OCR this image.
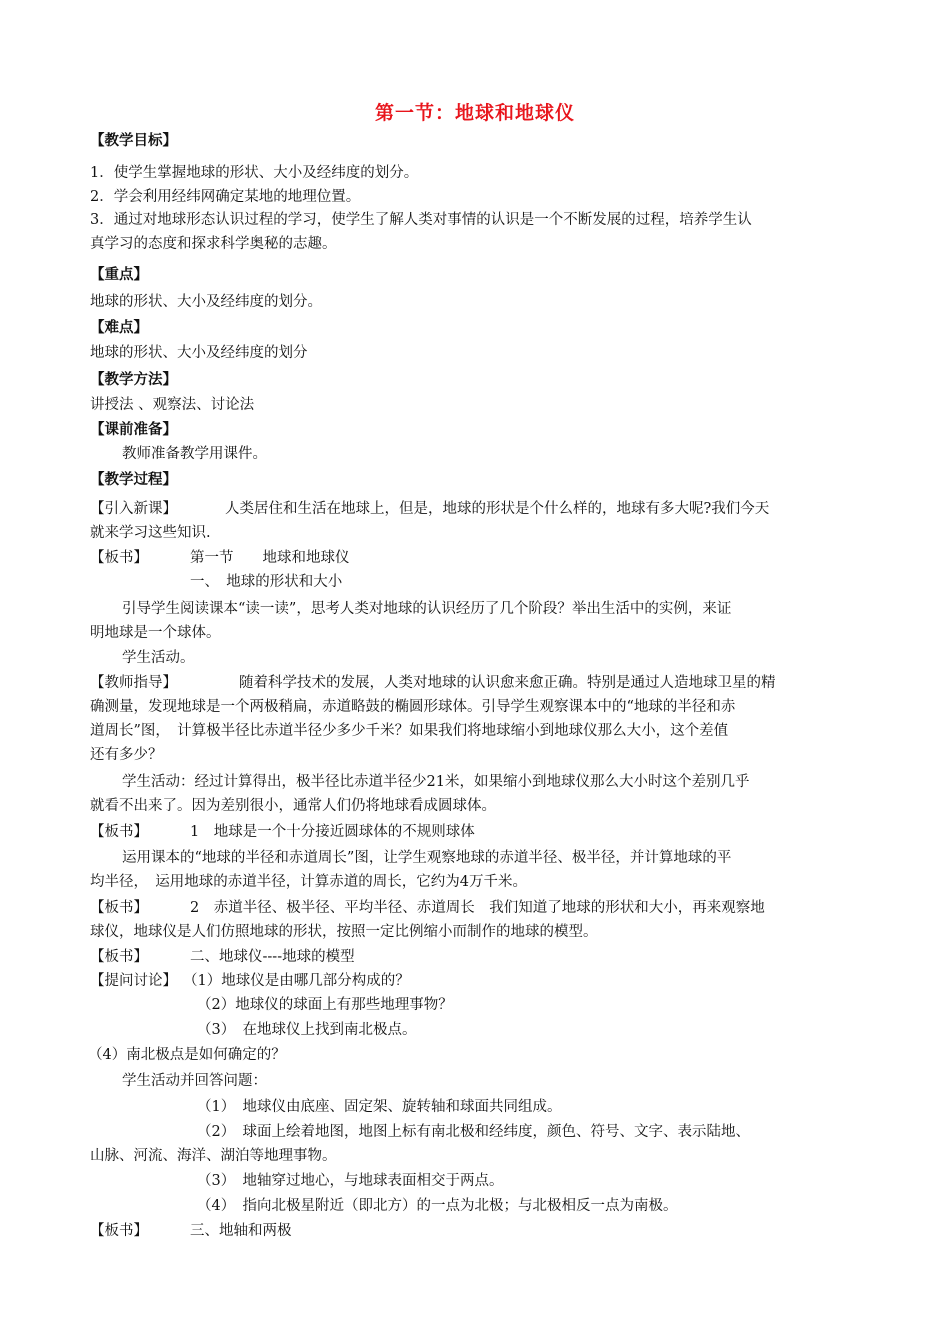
第一节：地球和地球仪
【教学目标】
1．使学生掌握地球的形状、大小及经纬度的划分。
2．学会利用经纬网确定某地的地理位置。
3．通过对地球形态认识过程的学习，使学生了解人类对事情的认识是一个不断发展的过程，培养学生认
真学习的态度和探求科学奥秘的志趣。
【重点】
地球的形状、大小及经纬度的划分。
【难点】
地球的形状、大小及经纬度的划分
【教学方法】
讲授法 、观察法、讨论法
【课前准备】
教师准备教学用课件。
【教学过程】
【引入新课】	人类居住和生活在地球上，但是，地球的形状是个什么样的，地球有多大呢?我们今天
就来学习这些知识.
【板书】	第一节　　地球和地球仪
一、　地球的形状和大小
引导学生阅读课本“读一读”，思考人类对地球的认识经历了几个阶段？举出生活中的实例，来证
明地球是一个球体。
学生活动。
【教师指导】	随着科学技术的发展，人类对地球的认识愈来愈正确。特别是通过人造地球卫星的精
确测量，发现地球是一个两极稍扁，赤道略鼓的椭圆形球体。引导学生观察课本中的“地球的半径和赤
道周长”图，　计算极半径比赤道半径少多少千米？如果我们将地球缩小到地球仪那么大小，这个差值
还有多少？
学生活动：经过计算得出，极半径比赤道半径少21米，如果缩小到地球仪那么大小时这个差别几乎
就看不出来了。因为差别很小，通常人们仍将地球看成圆球体。
【板书】	1　地球是一个十分接近圆球体的不规则球体
运用课本的“地球的半径和赤道周长”图，让学生观察地球的赤道半径、极半径，并计算地球的平
均半径，　运用地球的赤道半径，计算赤道的周长，它约为4万千米。
【板书】	2　赤道半径、极半径、平均半径、赤道周长　我们知道了地球的形状和大小，再来观察地
球仪，地球仪是人们仿照地球的形状，按照一定比例缩小而制作的地球的模型。
【板书】	二、地球仪----地球的模型
【提问讨论】 （1）地球仪是由哪几部分构成的？
（2）地球仪的球面上有那些地理事物？
（3）　在地球仪上找到南北极点。
（4）南北极点是如何确定的？
学生活动并回答问题：
（1）　地球仪由底座、固定架、旋转轴和球面共同组成。
（2）　球面上绘着地图，地图上标有南北极和经纬度，颜色、符号、文字、表示陆地、
山脉、河流、海洋、湖泊等地理事物。
（3）　地轴穿过地心，与地球表面相交于两点。
（4）　指向北极星附近（即北方）的一点为北极；与北极相反一点为南极。
【板书】	三、地轴和两极
